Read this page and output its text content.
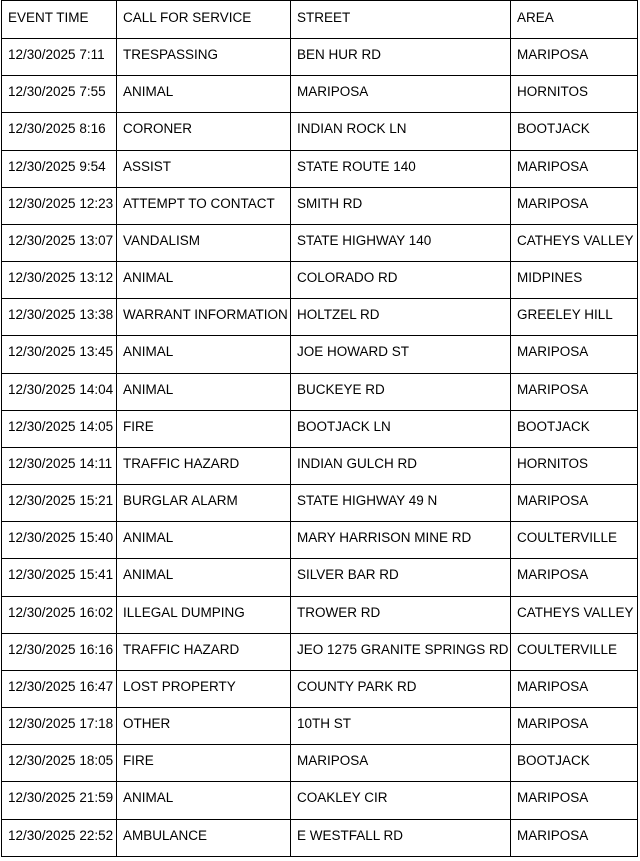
EVENT TIME	CALL FOR SERVICE	STREET	AREA
12/30/2025 7:11	TRESPASSING	BEN HUR RD	MARIPOSA
12/30/2025 7:55	ANIMAL	MARIPOSA	HORNITOS
12/30/2025 8:16	CORONER	INDIAN ROCK LN	BOOTJACK
12/30/2025 9:54	ASSIST	STATE ROUTE 140	MARIPOSA
12/30/2025 12:23	ATTEMPT TO CONTACT	SMITH RD	MARIPOSA
12/30/2025 13:07	VANDALISM	STATE HIGHWAY 140	CATHEYS VALLEY
12/30/2025 13:12	ANIMAL	COLORADO RD	MIDPINES
12/30/2025 13:38	WARRANT INFORMATION	HOLTZEL RD	GREELEY HILL
12/30/2025 13:45	ANIMAL	JOE HOWARD ST	MARIPOSA
12/30/2025 14:04	ANIMAL	BUCKEYE RD	MARIPOSA
12/30/2025 14:05	FIRE	BOOTJACK LN	BOOTJACK
12/30/2025 14:11	TRAFFIC HAZARD	INDIAN GULCH RD	HORNITOS
12/30/2025 15:21	BURGLAR ALARM	STATE HIGHWAY 49 N	MARIPOSA
12/30/2025 15:40	ANIMAL	MARY HARRISON MINE RD	COULTERVILLE
12/30/2025 15:41	ANIMAL	SILVER BAR RD	MARIPOSA
12/30/2025 16:02	ILLEGAL DUMPING	TROWER RD	CATHEYS VALLEY
12/30/2025 16:16	TRAFFIC HAZARD	JEO 1275 GRANITE SPRINGS RD	COULTERVILLE
12/30/2025 16:47	LOST PROPERTY	COUNTY PARK RD	MARIPOSA
12/30/2025 17:18	OTHER	10TH ST	MARIPOSA
12/30/2025 18:05	FIRE	MARIPOSA	BOOTJACK
12/30/2025 21:59	ANIMAL	COAKLEY CIR	MARIPOSA
12/30/2025 22:52	AMBULANCE	E WESTFALL RD	MARIPOSA
